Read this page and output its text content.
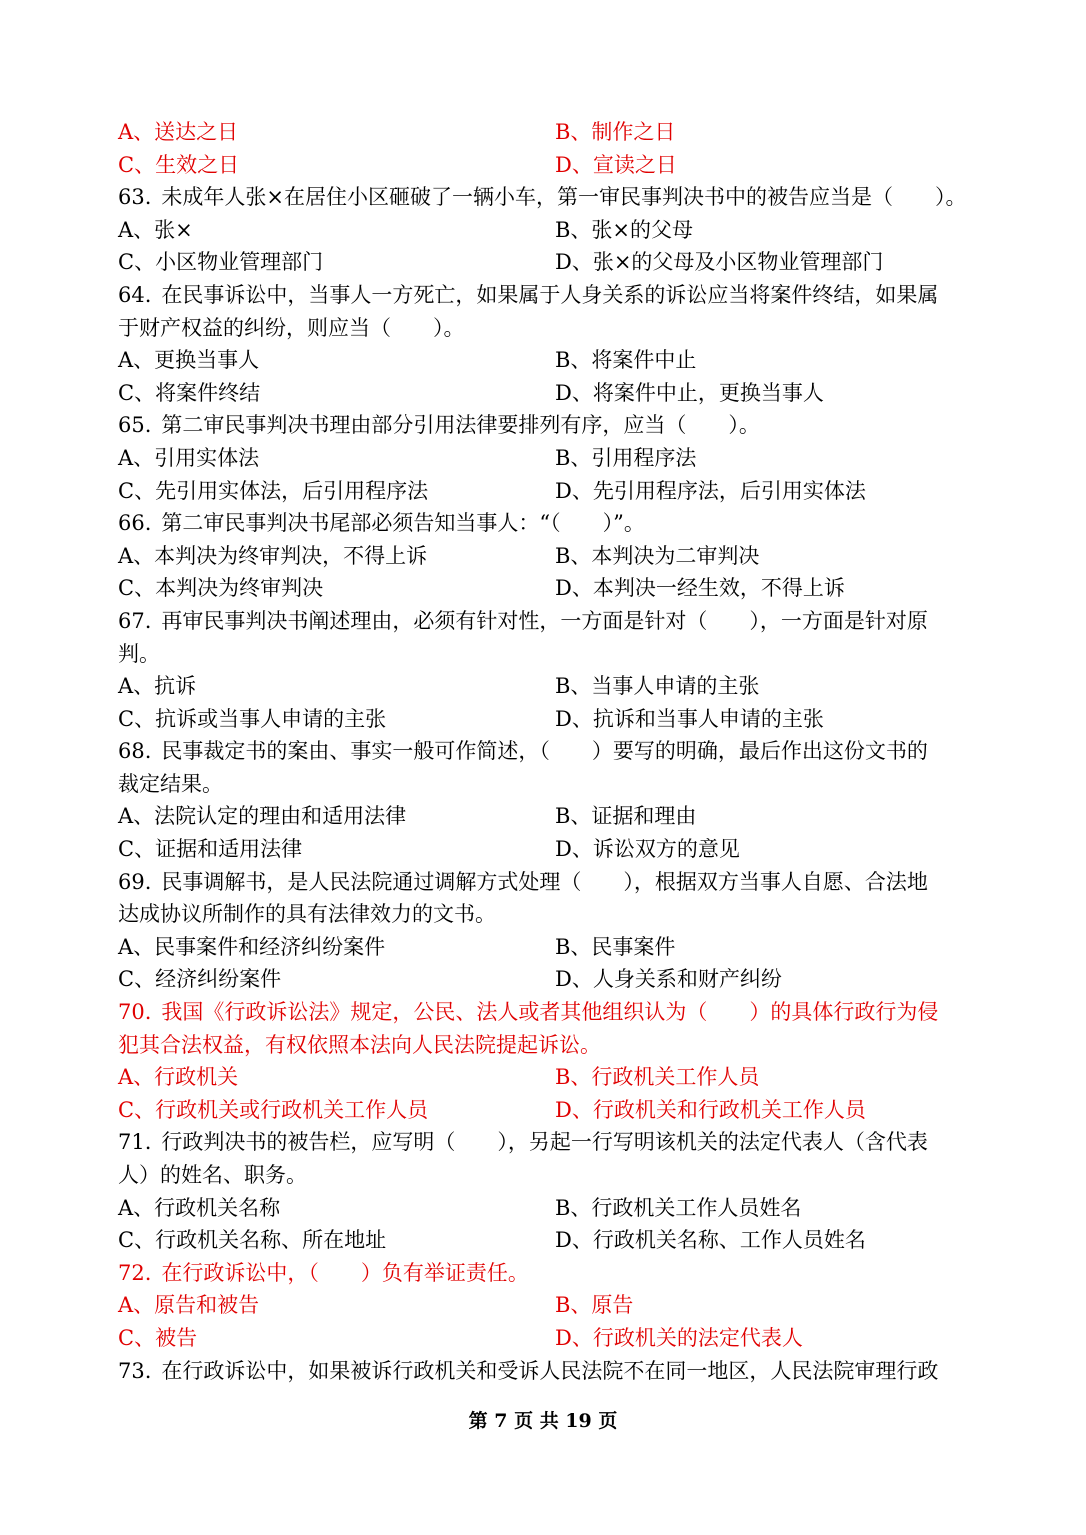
A、送达之日	B、制作之日
C、生效之日	D、宣读之日
63. 未成年人张×在居住小区砸破了一辆小车，第一审民事判决书中的被告应当是（　　）。
A、张×	B、张×的父母
C、小区物业管理部门	D、张×的父母及小区物业管理部门
64. 在民事诉讼中，当事人一方死亡，如果属于人身关系的诉讼应当将案件终结，如果属
于财产权益的纠纷，则应当（　　）。
A、更换当事人	B、将案件中止
C、将案件终结	D、将案件中止，更换当事人
65. 第二审民事判决书理由部分引用法律要排列有序，应当（　　）。
A、引用实体法	B、引用程序法
C、先引用实体法，后引用程序法	D、先引用程序法，后引用实体法
66. 第二审民事判决书尾部必须告知当事人：“（　　）”。
A、本判决为终审判决，不得上诉	B、本判决为二审判决
C、本判决为终审判决	D、本判决一经生效，不得上诉
67. 再审民事判决书阐述理由，必须有针对性，一方面是针对（　　），一方面是针对原
判。
A、抗诉	B、当事人申请的主张
C、抗诉或当事人申请的主张	D、抗诉和当事人申请的主张
68. 民事裁定书的案由、事实一般可作简述，（　　）要写的明确，最后作出这份文书的
裁定结果。
A、法院认定的理由和适用法律	B、证据和理由
C、证据和适用法律	D、诉讼双方的意见
69. 民事调解书，是人民法院通过调解方式处理（　　），根据双方当事人自愿、合法地
达成协议所制作的具有法律效力的文书。
A、民事案件和经济纠纷案件	B、民事案件
C、经济纠纷案件	D、人身关系和财产纠纷
70. 我国《行政诉讼法》规定，公民、法人或者其他组织认为（　　）的具体行政行为侵
犯其合法权益，有权依照本法向人民法院提起诉讼。
A、行政机关	B、行政机关工作人员
C、行政机关或行政机关工作人员	D、行政机关和行政机关工作人员
71. 行政判决书的被告栏，应写明（　　），另起一行写明该机关的法定代表人（含代表
人）的姓名、职务。
A、行政机关名称	B、行政机关工作人员姓名
C、行政机关名称、所在地址	D、行政机关名称、工作人员姓名
72. 在行政诉讼中，（　　）负有举证责任。
A、原告和被告	B、原告
C、被告	D、行政机关的法定代表人
73. 在行政诉讼中，如果被诉行政机关和受诉人民法院不在同一地区，人民法院审理行政
第 7 页 共 19 页
